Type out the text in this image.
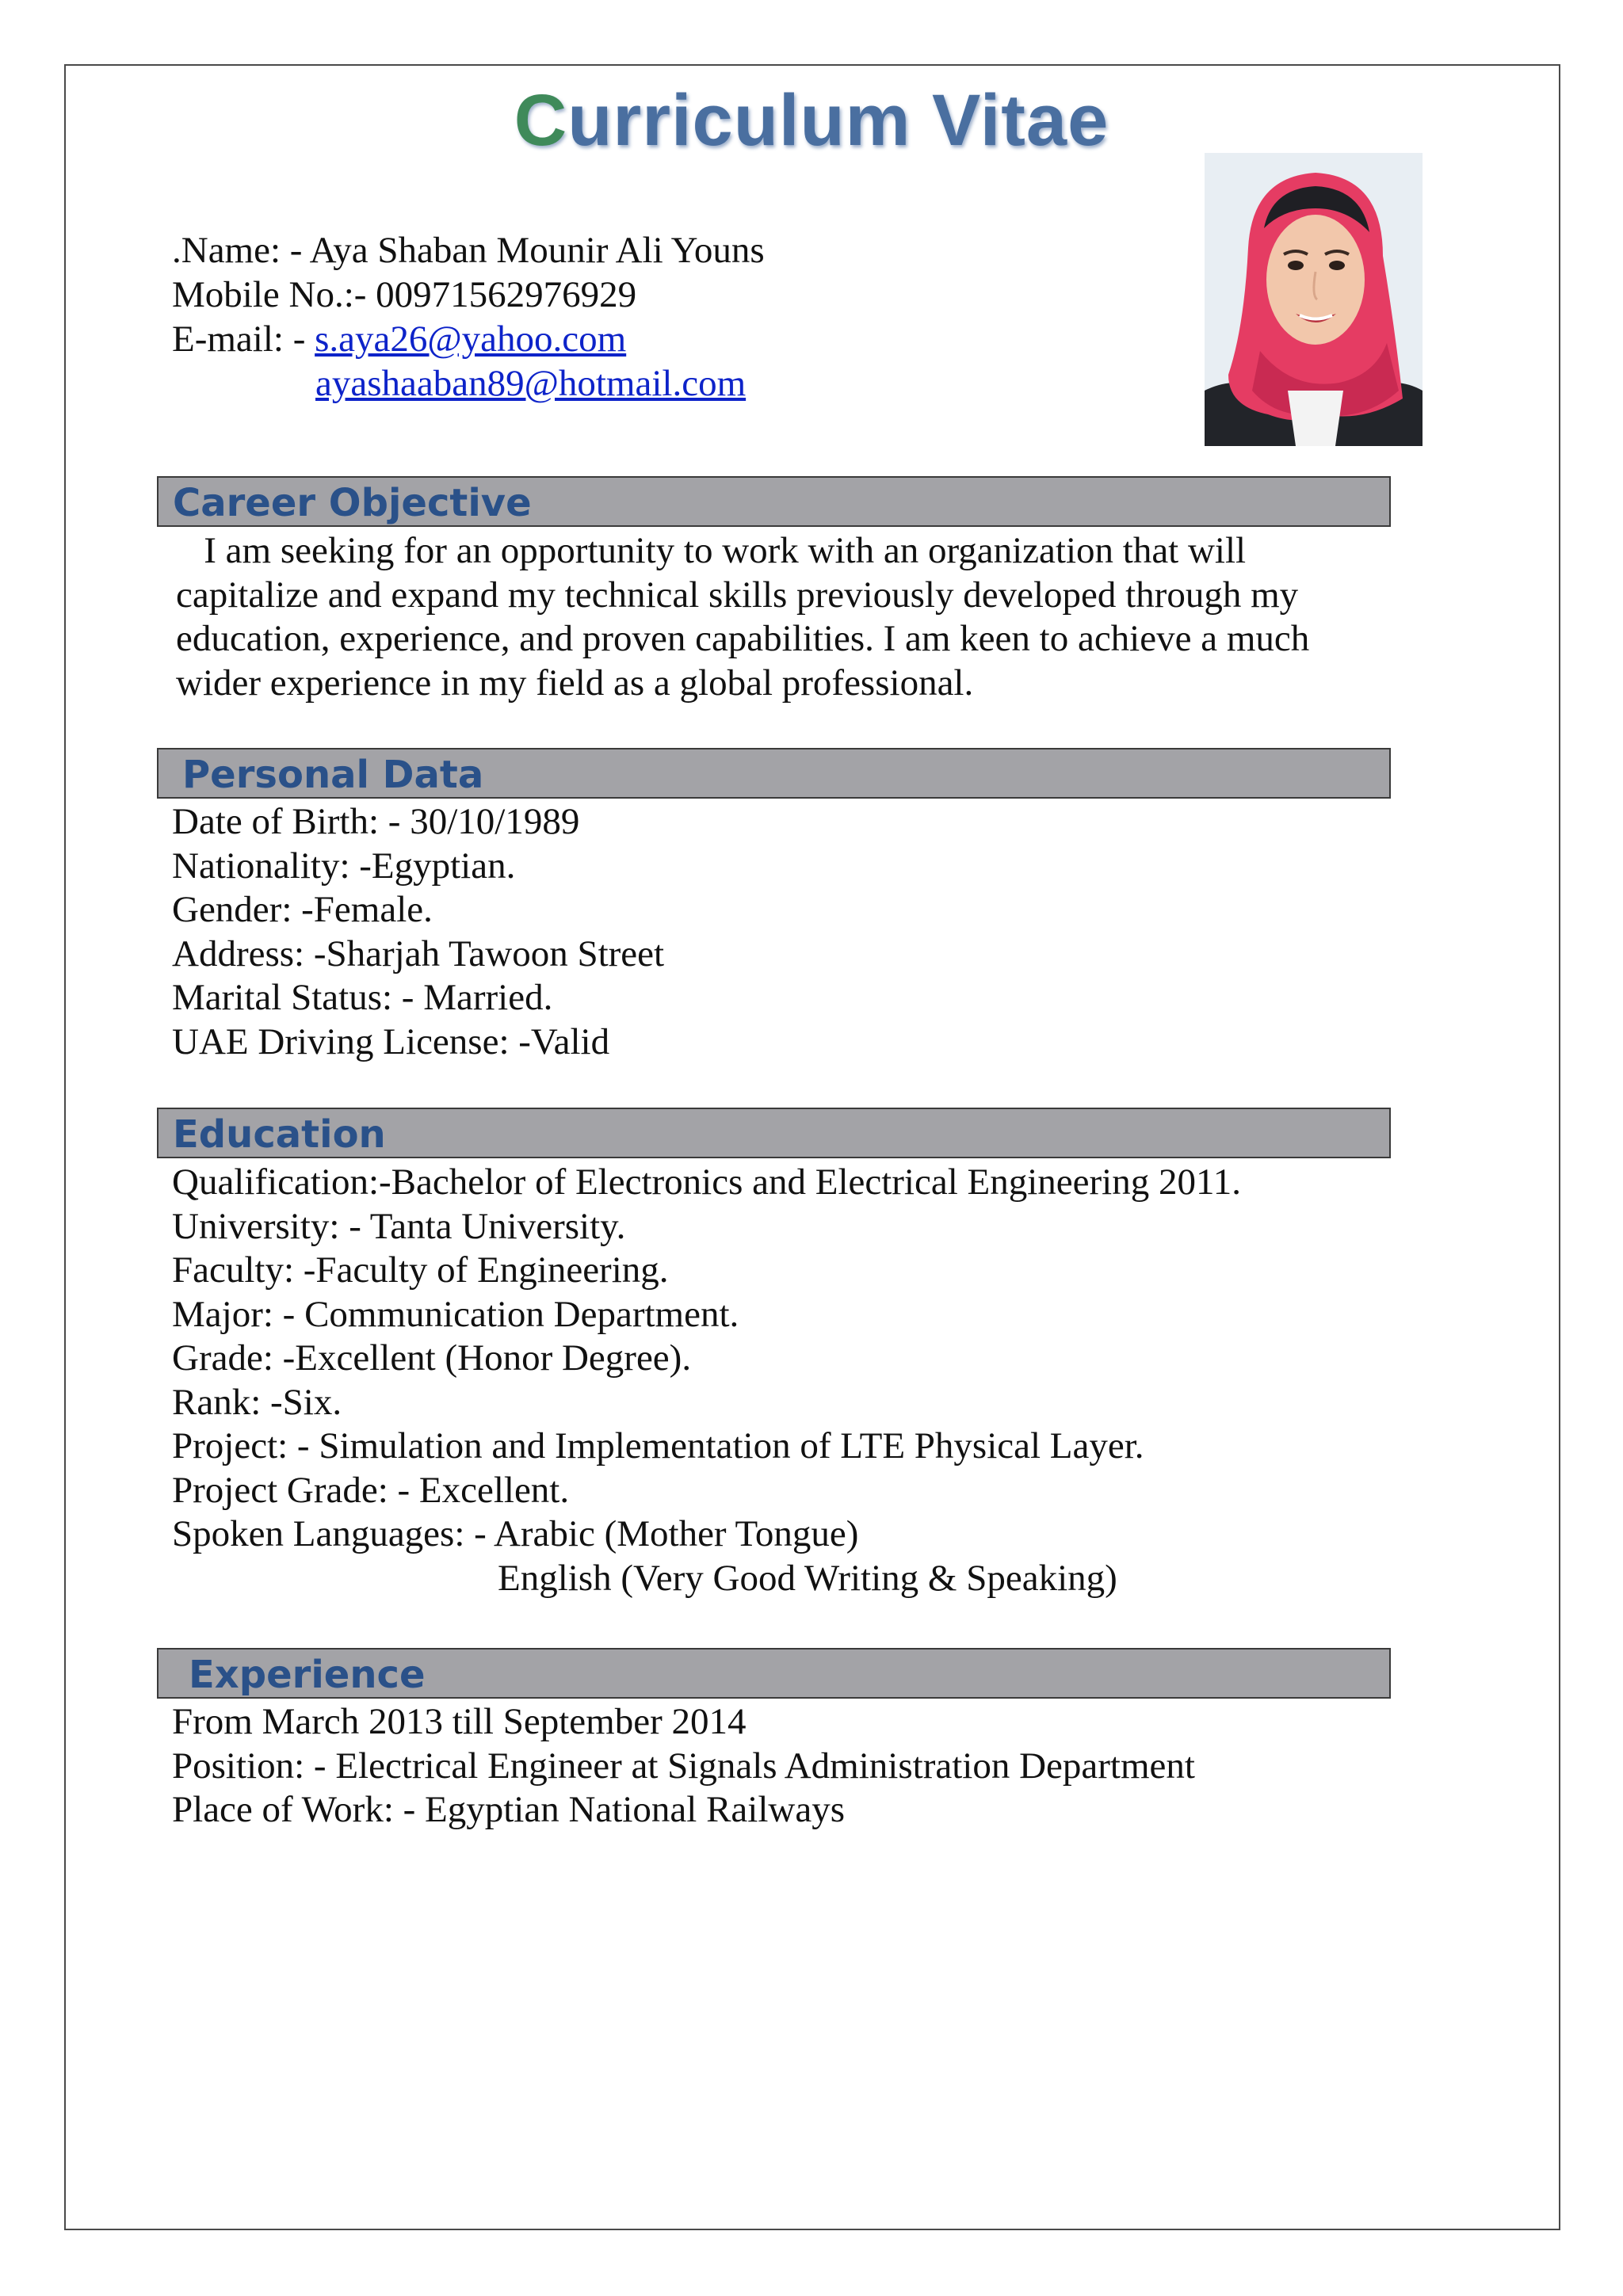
Curriculum Vitae
.Name: - Aya Shaban Mounir Ali Youns
Mobile No.:- 00971562976929
E-mail: - s.aya26@yahoo.com
ayashaaban89@hotmail.com
Career Objective
I am seeking for an opportunity to work with an organization that will
capitalize and expand my technical skills previously developed through my
education, experience, and proven capabilities. I am keen to achieve a much
wider experience in my field as a global professional.
Personal Data
Date of Birth: - 30/10/1989
Nationality: -Egyptian.
Gender: -Female.
Address: -Sharjah Tawoon Street
Marital Status: - Married.
UAE Driving License: -Valid
Education
Qualification:-Bachelor of Electronics and Electrical Engineering 2011.
University: - Tanta University.
Faculty: -Faculty of Engineering.
Major: - Communication Department.
Grade: -Excellent (Honor Degree).
Rank: -Six.
Project: - Simulation and Implementation of LTE Physical Layer.
Project Grade: - Excellent.
Spoken Languages: - Arabic (Mother Tongue)
English (Very Good Writing & Speaking)
Experience
From March 2013 till September 2014
Position: - Electrical Engineer at Signals Administration Department
Place of Work: - Egyptian National Railways
